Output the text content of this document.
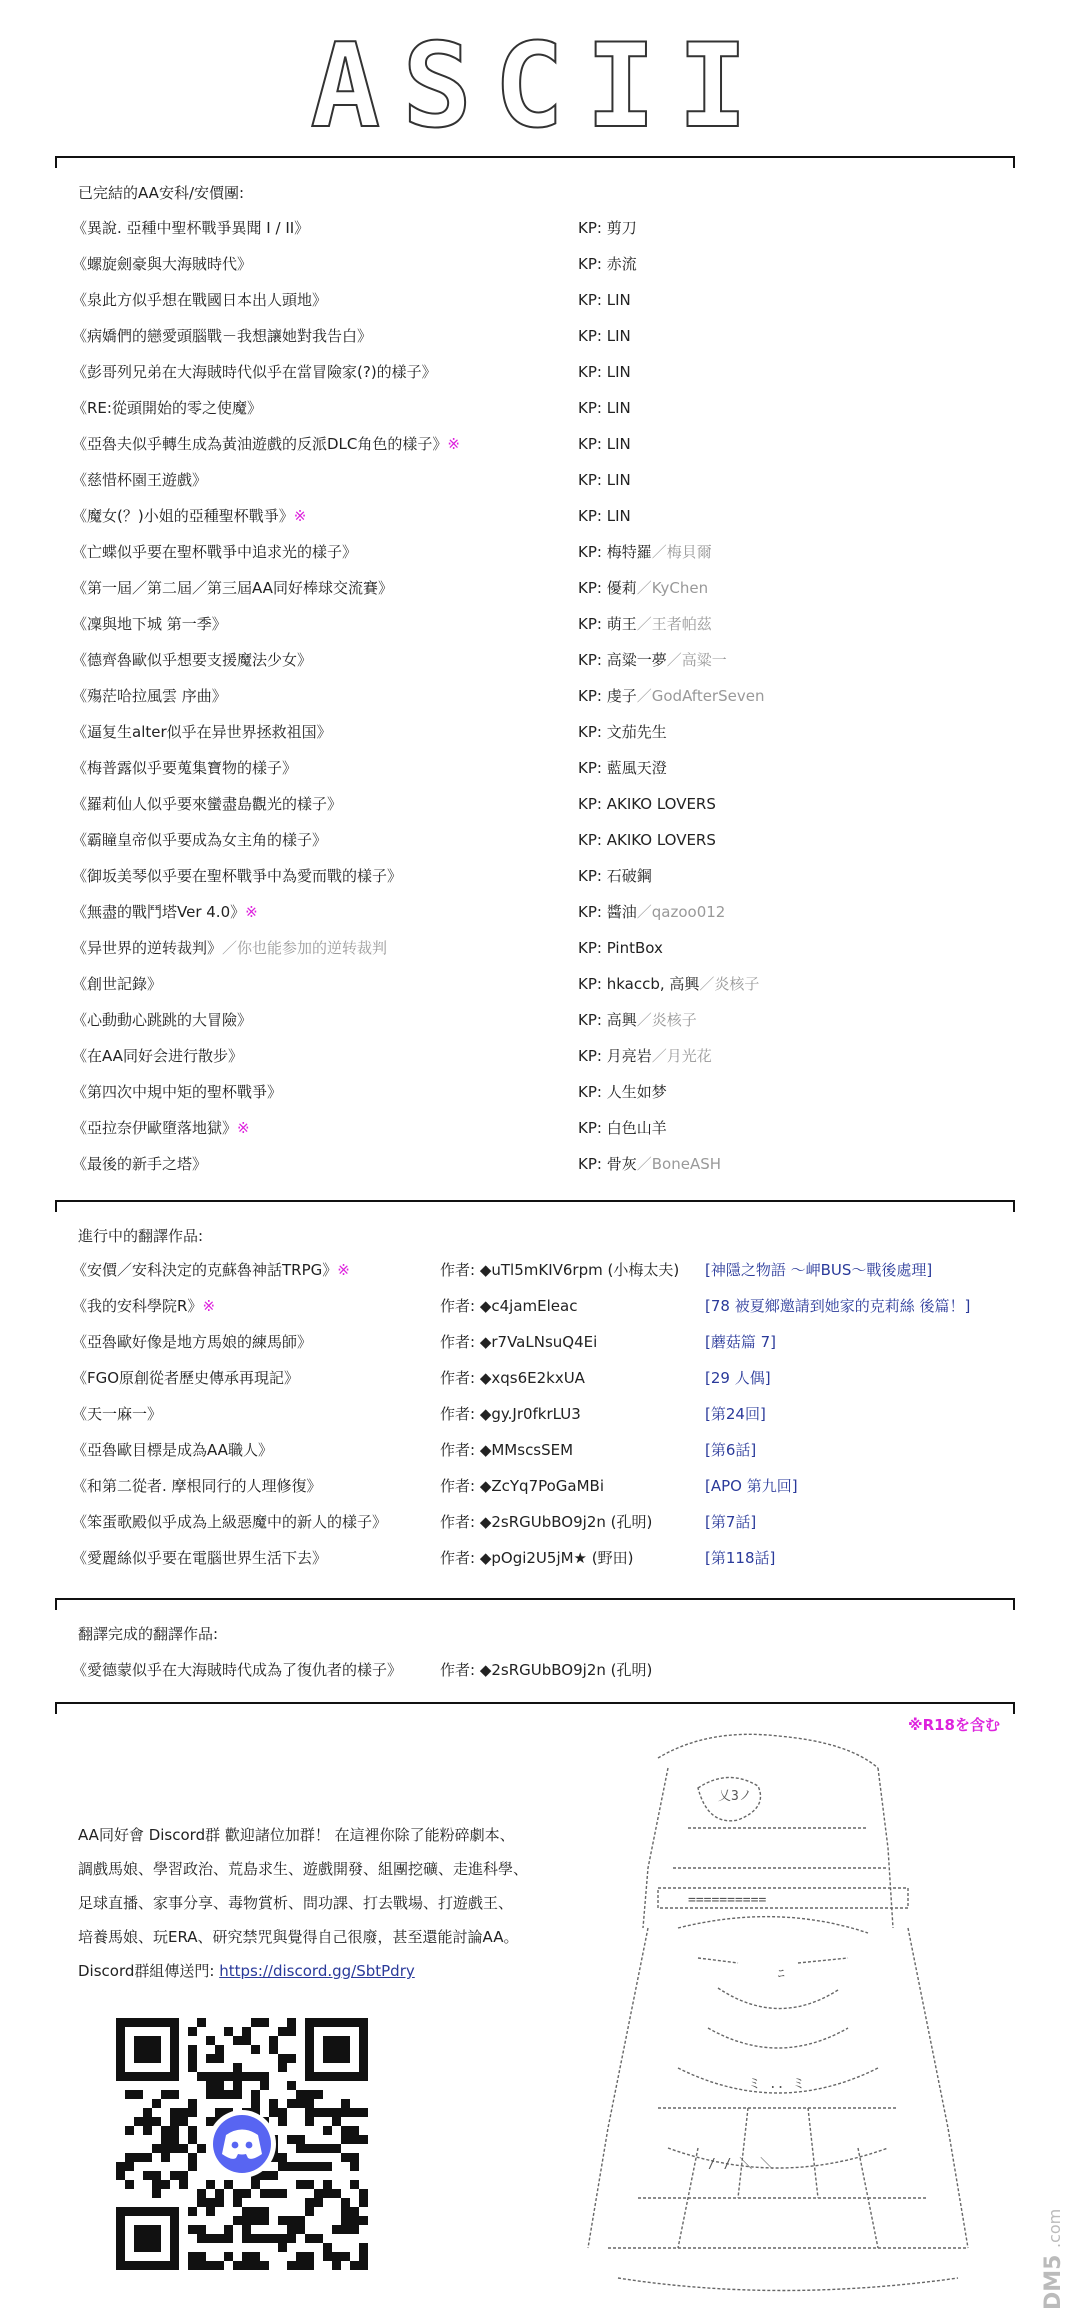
ASCII
已完結的AA安科/安價團:
《異說. 亞種中聖杯戰爭異聞 I / II》	KP: 剪刀
《螺旋劍豪與大海賊時代》	KP: 赤流
《泉此方似乎想在戰國日本出人頭地》	KP: LIN
《病嬌們的戀愛頭腦戰－我想讓她對我告白》	KP: LIN
《彭哥列兄弟在大海賊時代似乎在當冒險家(?)的樣子》	KP: LIN
《RE:從頭開始的零之使魔》	KP: LIN
《亞魯夫似乎轉生成為黃油遊戲的反派DLC角色的樣子》※	KP: LIN
《慈惜杯園王遊戲》	KP: LIN
《魔女(？)小姐的亞種聖杯戰爭》※	KP: LIN
《亡蝶似乎要在聖杯戰爭中追求光的樣子》	KP: 梅特羅／梅貝爾
《第一屆／第二屆／第三屆AA同好棒球交流賽》	KP: 優莉／KyChen
《凜與地下城 第一季》	KP: 萌王／王者帕茲
《德齊魯歐似乎想要支援魔法少女》	KP: 高粱一夢／高粱一
《殤茫哈拉風雲 序曲》	KP: 虔子／GodAfterSeven
《逼复生alter似乎在异世界拯救祖国》	KP: 文茄先生
《梅普露似乎要蒐集寶物的樣子》	KP: 藍風天澄
《羅莉仙人似乎要來蠻盡島觀光的樣子》	KP: AKIKO LOVERS
《霸瞳皇帝似乎要成為女主角的樣子》	KP: AKIKO LOVERS
《御坂美琴似乎要在聖杯戰爭中為愛而戰的樣子》	KP: 石破鋼
《無盡的戰鬥塔Ver 4.0》※	KP: 醬油／qazoo012
《异世界的逆转裁判》／你也能参加的逆转裁判	KP: PintBox
《創世記錄》	KP: hkaccb, 高興／炎核子
《心動動心跳跳的大冒險》	KP: 高興／炎核子
《在AA同好会进行散步》	KP: 月亮岩／月光花
《第四次中規中矩的聖杯戰爭》	KP: 人生如梦
《亞拉奈伊歐墮落地獄》※	KP: 白色山羊
《最後的新手之塔》	KP: 骨灰／BoneASH
進行中的翻譯作品:
《安價／安科決定的克蘇魯神話TRPG》※	作者: ◆uTl5mKIV6rpm (小梅太夫) [神隱之物語 ～岬BUS～戰後處理]
《我的安科學院R》※	作者: ◆c4jamEleac	[78 被夏鄉邀請到她家的克莉絲 後篇！]
《亞魯歐好像是地方馬娘的練馬師》	作者: ◆r7VaLNsuQ4Ei	[蘑菇篇 7]
《FGO原創從者歷史傳承再現記》	作者: ◆xqs6E2kxUA	[29 人偶]
《天一麻一》	作者: ◆gy.Jr0fkrLU3	[第24回]
《亞魯歐目標是成為AA職人》	作者: ◆MMscsSEM	[第6話]
《和第二從者. 摩根同行的人理修復》	作者: ◆ZcYq7PoGaMBi	[APO 第九回]
《笨蛋歌殿似乎成為上級惡魔中的新人的樣子》	作者: ◆2sRGUbBO9j2n (孔明)	[第7話]
《愛麗絲似乎要在電腦世界生活下去》	作者: ◆pOgi2U5jM★ (野田)	[第118話]
翻譯完成的翻譯作品:
《愛德蒙似乎在大海賊時代成為了復仇者的樣子》	作者: ◆2sRGUbBO9j2n (孔明)
※R18を含む

AA同好會 Discord群 歡迎諸位加群！ 在這裡你除了能粉碎劇本、

調戲馬娘、學習政治、荒島求生、遊戲開發、組團挖礦、走進科學、

足球直播、家事分享、毒物賞析、問功課、打去戰場、打遊戲王、

培養馬娘、玩ERA、研究禁咒與覺得自己很廢，甚至還能討論AA。

Discord群組傳送門: https://discord.gg/SbtPdry

乂3ノ
==========
ﾆ
ミ .. ミ
/ / ＼ ＼
DM5
.com
